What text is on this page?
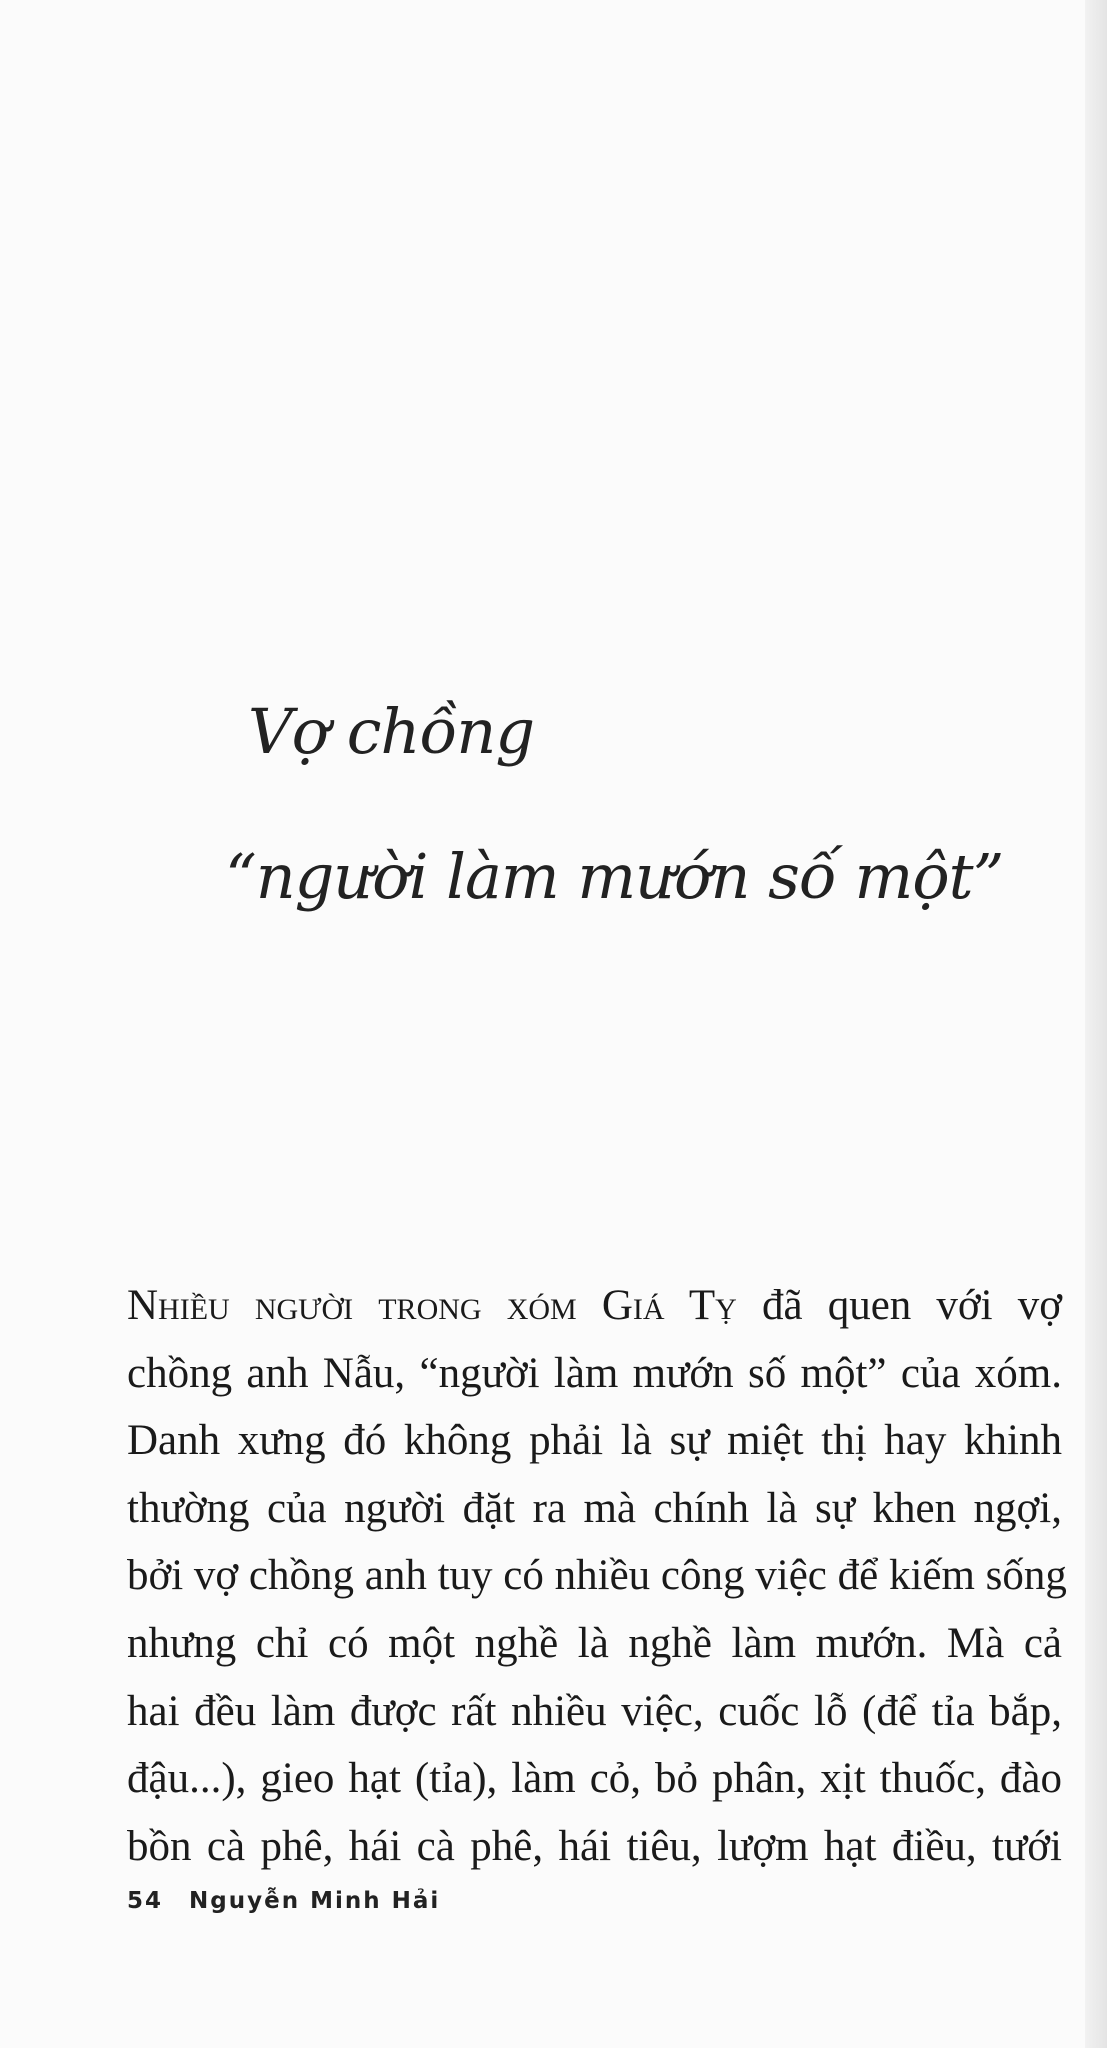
Vợ chồng
“người làm mướn số một”
Nhiều người trong xóm Giá Tỵ đã quen với vợ
chồng anh Nẫu, “người làm mướn số một” của xóm.
Danh xưng đó không phải là sự miệt thị hay khinh
thường của người đặt ra mà chính là sự khen ngợi,
bởi vợ chồng anh tuy có nhiều công việc để kiếm sống
nhưng chỉ có một nghề là nghề làm mướn. Mà cả
hai đều làm được rất nhiều việc, cuốc lỗ (để tỉa bắp,
đậu...), gieo hạt (tỉa), làm cỏ, bỏ phân, xịt thuốc, đào
bồn cà phê, hái cà phê, hái tiêu, lượm hạt điều, tưới
54 Nguyễn Minh Hải
